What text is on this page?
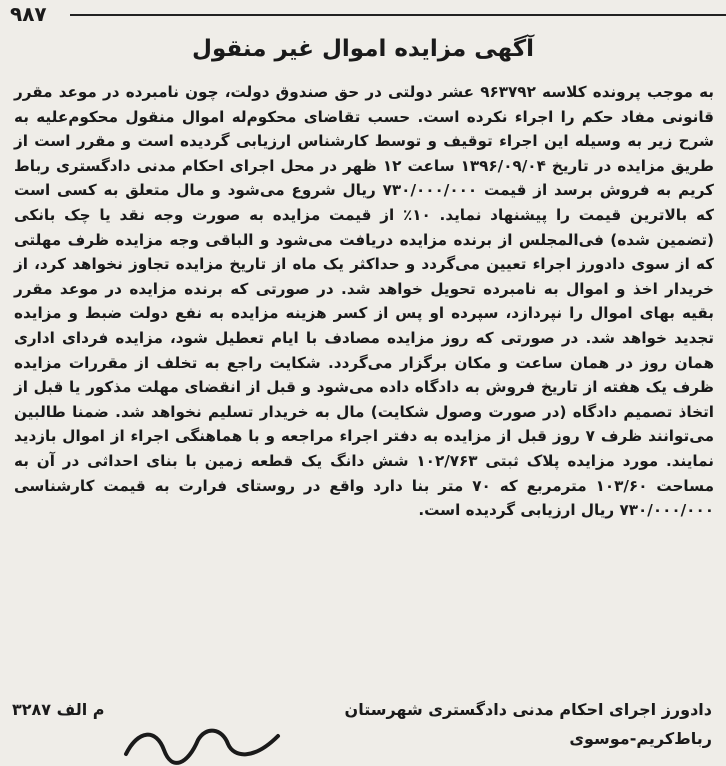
۹۸۷
آگهی مزایده اموال غیر منقول
به موجب پرونده کلاسه ۹۶۳۷۹۲ عشر دولتی در حق صندوق دولت، چون نامبرده در موعد مقرر قانونی مفاد حکم را اجراء نکرده است. حسب تقاضای محکوم‌له اموال منقول محکوم‌علیه به شرح زیر به وسیله این اجراء توقیف و توسط کارشناس ارزیابی گردیده است و مقرر است از طریق مزایده در تاریخ ۱۳۹۶/۰۹/۰۴ ساعت ۱۲ ظهر در محل اجرای احکام مدنی دادگستری رباط کریم به فروش برسد از قیمت ۷۳۰/۰۰۰/۰۰۰ ریال شروع می‌شود و مال متعلق به کسی است که بالاترین قیمت را پیشنهاد نماید. ۱۰٪ از قیمت مزایده به صورت وجه نقد یا چک بانکی (تضمین شده) فی‌المجلس از برنده مزایده دریافت می‌شود و الباقی وجه مزایده ظرف مهلتی که از سوی دادورز اجراء تعیین می‌گردد و حداکثر یک ماه از تاریخ مزایده تجاوز نخواهد کرد، از خریدار اخذ و اموال به نامبرده تحویل خواهد شد. در صورتی که برنده مزایده در موعد مقرر بقیه بهای اموال را نپردازد، سپرده او پس از کسر هزینه مزایده به نفع دولت ضبط و مزایده تجدید خواهد شد. در صورتی که روز مزایده مصادف با ایام تعطیل شود، مزایده فردای اداری همان روز در همان ساعت و مکان برگزار می‌گردد. شکایت راجع به تخلف از مقررات مزایده ظرف یک هفته از تاریخ فروش به دادگاه داده می‌شود و قبل از انقضای مهلت مذکور یا قبل از اتخاذ تصمیم دادگاه (در صورت وصول شکایت) مال به خریدار تسلیم نخواهد شد. ضمنا طالبین می‌توانند ظرف ۷ روز قبل از مزایده به دفتر اجراء مراجعه و با هماهنگی اجراء از اموال بازدید نمایند. مورد مزایده پلاک ثبتی ۱۰۲/۷۶۳ شش دانگ یک قطعه زمین با بنای احداثی در آن به مساحت ۱۰۳/۶۰ مترمربع که ۷۰ متر بنا دارد واقع در روستای فرارت به قیمت کارشناسی ۷۳۰/۰۰۰/۰۰۰ ریال ارزیابی گردیده است.
م الف ۳۲۸۷	دادورز اجرای احکام مدنی دادگستری شهرستان
رباط‌کریم-موسوی
